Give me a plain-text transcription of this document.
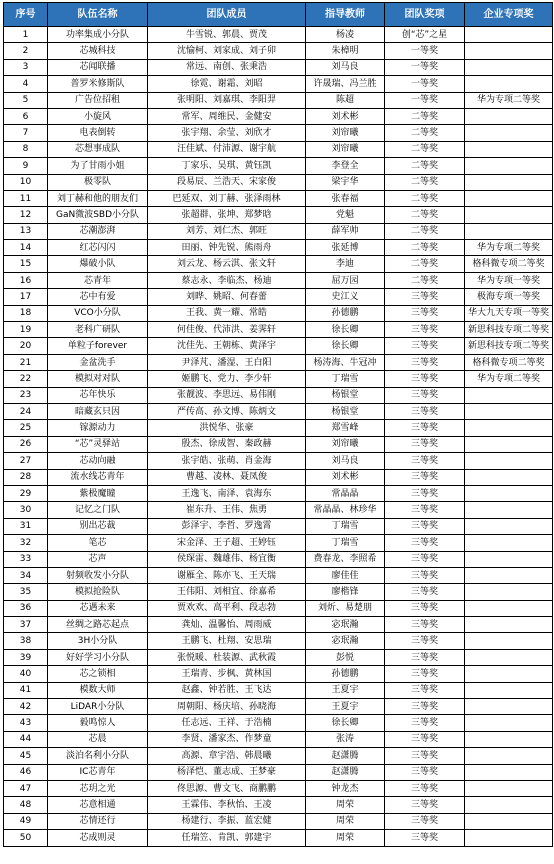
序号	队伍名称	团队成员	指导教师	团队奖项	企业专项奖
1	功率集成小分队	牛雪锐、郭晨、贾茂	杨凌	创“芯”之星	
2	芯城科技	沈愉柯、刘家成、刘子卯	朱樟明	一等奖	
3	芯闻联播	常远、南创、张秉浩	刘马良	一等奖	
4	普罗米修斯队	徐霓、谢霜、刘昭	许晟瑞、冯兰胜	一等奖	
5	广告位招租	张明阳、刘嘉琪、李阳羿	陈超	一等奖	华为专项二等奖
6	小旋风	常军、周维民、金健安	刘术彬	二等奖	
7	电表倒转	张宇翔、余莹、刘欣才	刘帘曦	二等奖	
8	芯想事成队	汪佳斌、付沛源、谢宇航	刘帘曦	二等奖	
9	为了甘雨小姐	丁家乐、吴琪、黄钰凯	李登全	二等奖	
10	极零队	段易辰、兰浩天、宋家俊	梁宇华	二等奖	
11	刘丁赫和他的朋友们	巴延双、刘丁赫、张泽雨林	张春福	二等奖	
12	GaN微波SBD小分队	张超群、张坤、郑梦晗	党魁	二等奖	
13	芯潮澎湃	刘芳、刘仁杰、郭旺	薛军帅	二等奖	
14	红芯闪闪	田丽、钟先锐、熊雨舟	张延博	二等奖	华为专项二等奖
15	爆破小队	刘云龙、杨云淇、张文轩	李迪	二等奖	格科微专项二等奖
16	芯青年	蔡志永、李临杰、杨迪	屈万园	二等奖	华为专项一等奖
17	芯中有爱	刘晔、姚昭、何春蕾	史江义	三等奖	极海专项一等奖
18	VCO小分队	王我、黄一耀、常皓	孙德鹏	三等奖	华大九天专项一等奖
19	老科广研队	何佳俊、代沛洪、姜霁轩	徐长卿	三等奖	新思科技专项二等奖
20	单粒子forever	沈佳先、王朝栋、黄泽宇	徐长卿	三等奖	新思科技专项二等奖
21	金盆洗手	尹泽芃、潘湿、王白阳	杨涛海、牛冠冲	三等奖	格科微专项二等奖
22	模拟对对队	姬鹏飞、党力、李少轩	丁瑞雪	三等奖	华为专项二等奖
23	芯年快乐	张靓波、李思远、易伟刚	杨银堂	三等奖	
24	暗藏玄只因	严传高、孙文博、陈炳文	杨银堂	三等奖	
25	镓源动力	洪悦华、张豪	郑雪峰	三等奖	
26	“芯”灵驿站	殷杰、徐成智、秦政赫	刘帘曦	三等奖	
27	芯动向融	张宇皓、张萌、肖金海	刘马良	三等奖	
28	流水线芯青年	曹越、凌林、聂凤俊	刘术彬	三等奖	
29	紫极魔瞳	王逸飞、南泽、袁海东	常晶晶	三等奖	
30	记忆之门队	崔东升、王伟、焦勇	常晶晶、林珍华	三等奖	
31	别出芯裁	彭泽宇、李哲、罗逸霄	丁瑞雪	三等奖	
32	笔芯	宋金泽、王子超、王婷钰	丁瑞雪	三等奖	
33	芯声	侯琛雷、魏雄伟、杨宜衡	费春龙、李照希	三等奖	
34	射频收发小分队	谢雁全、陈亦飞、王天瑞	廖佳佳	三等奖	
35	模拟抢险队	王伟阳、刘相宜、徐嘉希	廖楷锋	三等奖	
36	芯遇未来	贾欢欢、高平利、段志勃	刘炘、易楚朋	三等奖	
37	丝绸之路芯起点	龚灿、温馨怡、周雨威	宓珉瀚	三等奖	
38	3H小分队	王鹏飞、杜翔、安思瑞	宓珉瀚	三等奖	
39	好好学习小分队	张悦暖、杜装源、武秋霞	彭悦	三等奖	
40	芯之锁相	王瑞青、步枫、黄林国	孙德鹏	三等奖	
41	模数大师	赵鑫、钟若胜、王飞达	王夏宇	三等奖	
42	LiDAR小分队	周朝阳、杨庆培、孙晓海	王夏宇	三等奖	
43	毅鸣惊人	任志远、王祥、于浩楠	徐长卿	三等奖	
44	芯晨	李贤、潘家杰、作梦童	张涛	三等奖	
45	淡泊名利小分队	高源、章宇浩、韩晨曦	赵潇腾	三等奖	
46	IC芯青年	杨泽恺、董志成、王梦豪	赵潇腾	三等奖	
47	芯玥之光	佟思源、曹文飞、商鹏鹏	钟龙杰	三等奖	
48	芯意相通	王霖伟、李秋怡、王凌	周荣	三等奖	
49	芯情还行	杨建行、李振、蓝宏健	周荣	三等奖	
50	芯成则灵	任瑞笠、肯凯、郭建宇	周荣	三等奖	
